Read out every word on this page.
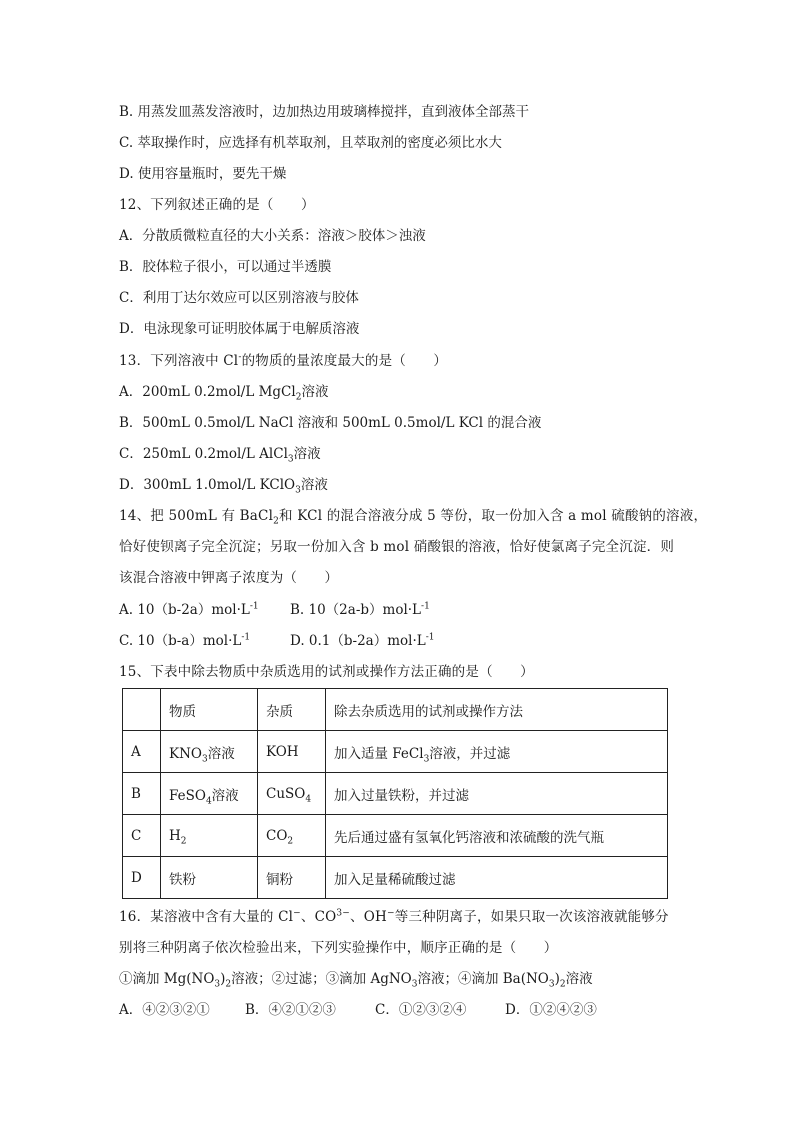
B. 用蒸发皿蒸发溶液时，边加热边用玻璃棒搅拌，直到液体全部蒸干
C. 萃取操作时，应选择有机萃取剂，且萃取剂的密度必须比水大
D. 使用容量瓶时，要先干燥
12、下列叙述正确的是（　　）
A．分散质微粒直径的大小关系：溶液＞胶体＞浊液
B．胶体粒子很小，可以通过半透膜
C．利用丁达尔效应可以区别溶液与胶体
D．电泳现象可证明胶体属于电解质溶液
13．下列溶液中 Cl-的物质的量浓度最大的是（　　）
A．200mL 0.2mol/L MgCl$_2$溶液
B．500mL 0.5mol/L NaCl 溶液和 500mL 0.5mol/L KCl 的混合液
C．250mL 0.2mol/L AlCl$_3$溶液
D．300mL 1.0mol/L KClO$_3$溶液
14、把 500mL 有 BaCl$_2$和 KCl 的混合溶液分成 5 等份，取一份加入含 a mol 硫酸钠的溶液，
恰好使钡离子完全沉淀；另取一份加入含 b mol 硝酸银的溶液，恰好使氯离子完全沉淀．则
该混合溶液中钾离子浓度为（　　）
A. $10(b-2a)mol\cdot L^{-1}$ B. $10(2a-b)mol\cdot L^{-1}$
C. $10(b-a)mol\cdot L^{-1}$	D. $0.1(b-2a)mol\cdot L^{-1}$
15、下表中除去物质中杂质选用的试剂或操作方法正确的是（　　）
	物质	杂质	除去杂质选用的试剂或操作方法
A	$KNO_3$溶液	KOH	加入适量 FeCl$_3$溶液，并过滤
B	FeSO$_4$溶液	CuSO$_4$	加入过量铁粉，并过滤
C	$H_2$	$CO_2$	先后通过盛有氢氧化钙溶液和浓硫酸的洗气瓶
D	铁粉	铜粉	加入足量稀硫酸过滤
16．某溶液中含有大量的 Cl−、$CO^{3-}$、OH−等三种阴离子，如果只取一次该溶液就能够分
别将三种阴离子依次检验出来，下列实验操作中，顺序正确的是（　　）
①滴加 $Mg(NO_3)_2$溶液；②过滤；③滴加 AgNO$_3$溶液；④滴加 $Ba(NO_3)_2$溶液
A．④②③②①	B．④②①②③	C．①②③②④	D．①②④②③
